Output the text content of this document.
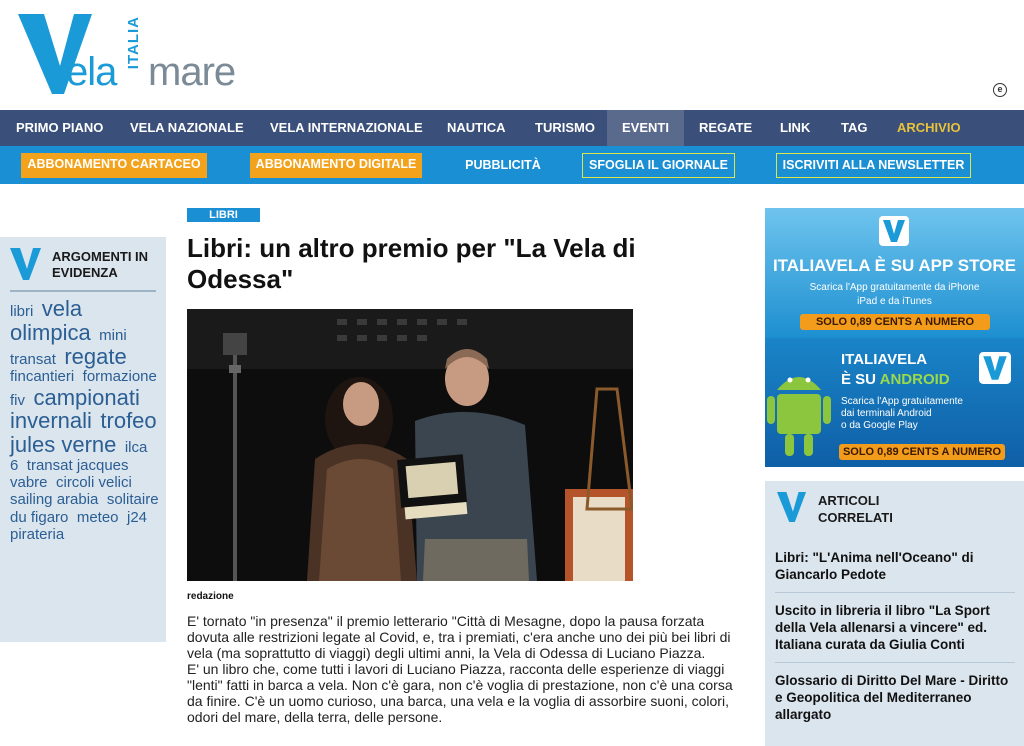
ela
ITALIA
mare	e
PRIMO PIANO VELA NAZIONALE VELA INTERNAZIONALE NAUTICA TURISMO	EVENTI	REGATE LINK TAG ARCHIVIO
ABBONAMENTO CARTACEO	ABBONAMENTO DIGITALE	PUBBLICITÀ	SFOGLIA IL GIORNALE	ISCRIVITI ALLA NEWSLETTER
ARGOMENTI IN EVIDENZA
libri vela olimpica mini transat regate fincantieri formazione fiv campionati invernali trofeo jules verne ilca 6 transat jacques vabre circoli velici sailing arabia solitaire du figaro meteo j24 pirateria
LIBRI
Libri: un altro premio per "La Vela di Odessa"
redazione

E' tornato "in presenza" il premio letterario "Città di Mesagne, dopo la pausa forzata dovuta alle restrizioni legate al Covid, e, tra i premiati, c'era anche uno dei più bei libri di vela (ma soprattutto di viaggi) degli ultimi anni, la Vela di Odessa di Luciano Piazza.

E' un libro che, come tutti i lavori di Luciano Piazza, racconta delle esperienze di viaggi "lenti" fatti in barca a vela. Non c'è gara, non c'è voglia di prestazione, non c'è una corsa da finire. C'è un uomo curioso, una barca, una vela e la voglia di assorbire suoni, colori, odori del mare, della terra, delle persone.

ITALIAVELA È SU APP STORE
Scarica l'App gratuitamente da iPhone
iPad e da iTunes
SOLO 0,89 CENTS A NUMERO
ITALIAVELA
È SU ANDROID
Scarica l'App gratuitamente
dai terminali Android
o da Google Play
SOLO 0,89 CENTS A NUMERO
ARTICOLI CORRELATI
Libri: "L'Anima nell'Oceano" di Giancarlo Pedote
Uscito in libreria il libro "La Sport della Vela allenarsi a vincere" ed. Italiana curata da Giulia Conti
Glossario di Diritto Del Mare - Diritto e Geopolitica del Mediterraneo allargato
